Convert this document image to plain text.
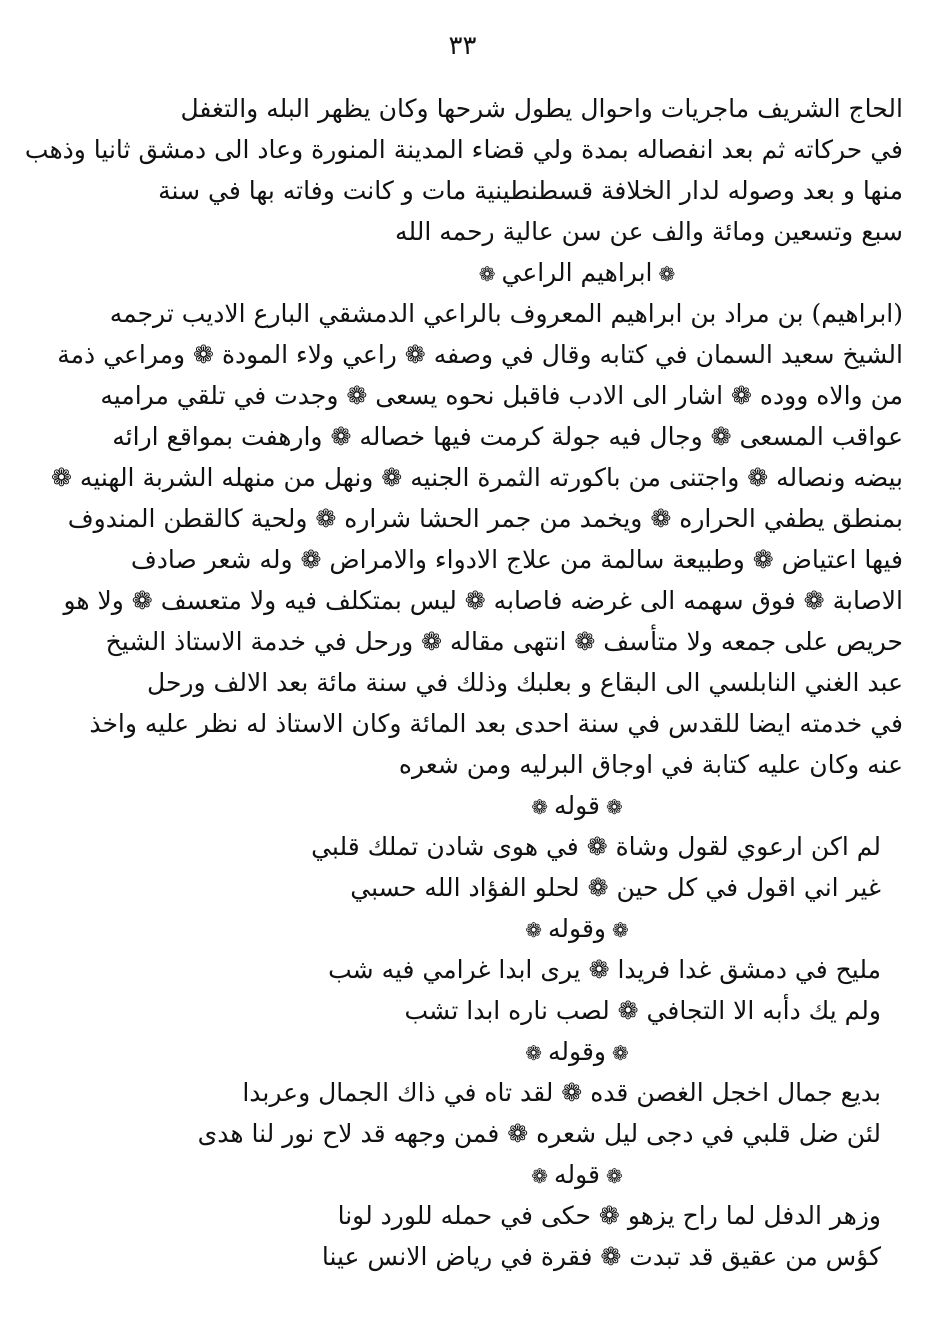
٣٣

الحاج الشريف ماجريات واحوال يطول شرحها وكان يظهر البله والتغفل

في حركاته ثم بعد انفصاله بمدة ولي قضاء المدينة المنورة وعاد الى دمشق ثانيا وذهب

منها و بعد وصوله لدار الخلافة قسطنطينية مات و كانت وفاته بها في سنة

سبع وتسعين ومائة والف عن سن عالية رحمه الله

❁ابراهيم الراعي❁

(ابراهيم) بن مراد بن ابراهيم المعروف بالراعي الدمشقي البارع الاديب ترجمه

الشيخ سعيد السمان في كتابه وقال في وصفه ❁ راعي ولاء المودة ❁ ومراعي ذمة

من والاه ووده ❁ اشار الى الادب فاقبل نحوه يسعى ❁ وجدت في تلقي مراميه

عواقب المسعى ❁ وجال فيه جولة كرمت فيها خصاله ❁ وارهفت بمواقع ارائه

بيضه ونصاله ❁ واجتنى من باكورته الثمرة الجنيه ❁ ونهل من منهله الشربة الهنيه ❁

بمنطق يطفي الحراره ❁ ويخمد من جمر الحشا شراره ❁ ولحية كالقطن المندوف

فيها اعتياض ❁ وطبيعة سالمة من علاج الادواء والامراض ❁ وله شعر صادف

الاصابة ❁ فوق سهمه الى غرضه فاصابه ❁ ليس بمتكلف فيه ولا متعسف ❁ ولا هو

حريص على جمعه ولا متأسف ❁ انتهى مقاله ❁ ورحل في خدمة الاستاذ الشيخ

عبد الغني النابلسي الى البقاع و بعلبك وذلك في سنة مائة بعد الالف ورحل

في خدمته ايضا للقدس في سنة احدى بعد المائة وكان الاستاذ له نظر عليه واخذ

عنه وكان عليه كتابة في اوجاق البرليه ومن شعره

❁قوله❁

لم اكن ارعوي لقول وشاة ❁ في هوى شادن تملك قلبي

غير اني اقول في كل حين ❁ لحلو الفؤاد الله حسبي

❁وقوله❁

مليح في دمشق غدا فريدا ❁ يرى ابدا غرامي فيه شب

ولم يك دأبه الا التجافي ❁ لصب ناره ابدا تشب

❁وقوله❁

بديع جمال اخجل الغصن قده ❁ لقد تاه في ذاك الجمال وعربدا

لئن ضل قلبي في دجى ليل شعره ❁ فمن وجهه قد لاح نور لنا هدى

❁قوله❁

وزهر الدفل لما راح يزهو ❁ حكى في حمله للورد لونا

كؤس من عقيق قد تبدت ❁ فقرة في رياض الانس عينا
